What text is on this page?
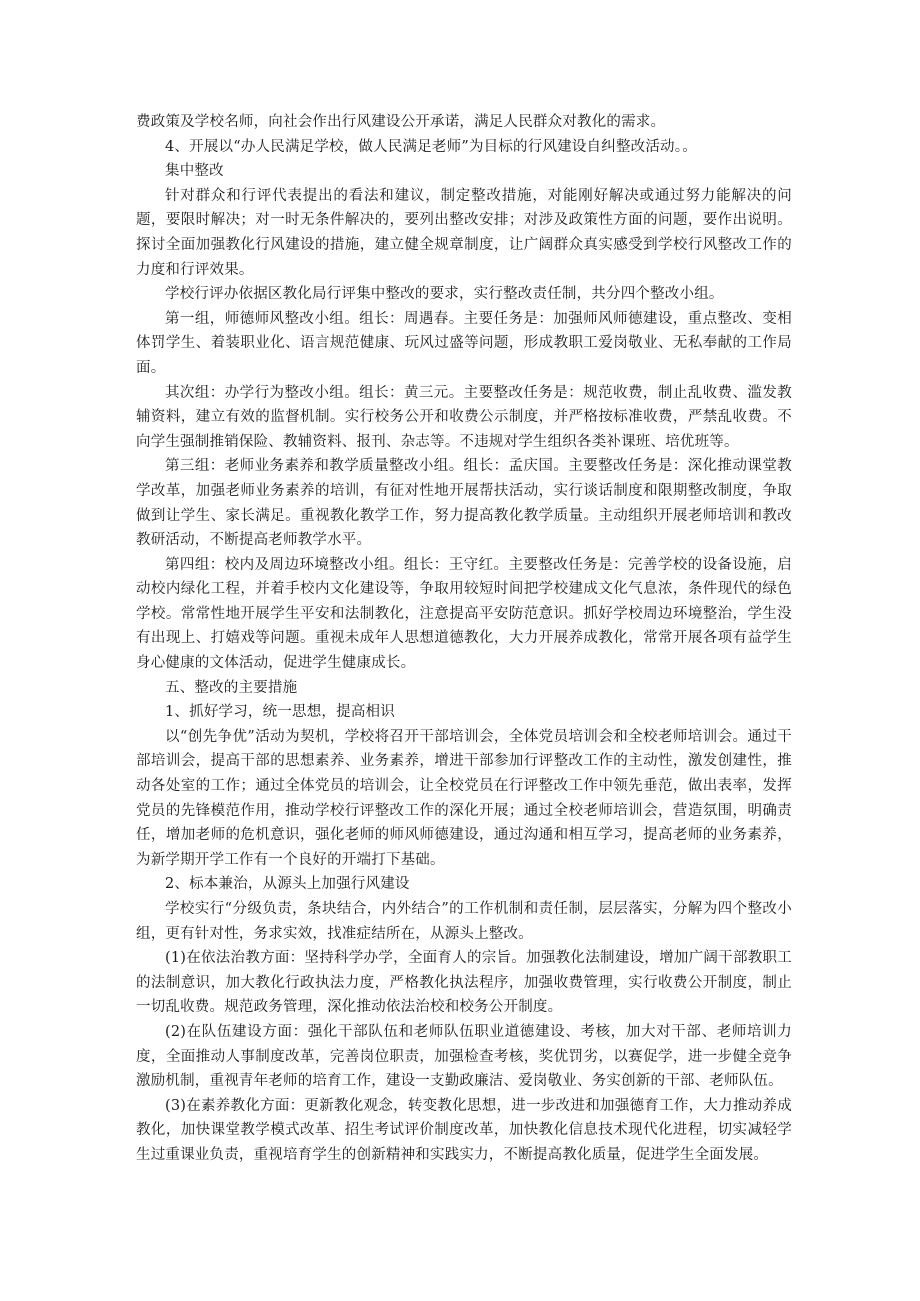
费政策及学校名师，向社会作出行风建设公开承诺，满足人民群众对教化的需求。

4、开展以“办人民满足学校，做人民满足老师”为目标的行风建设自纠整改活动。。

集中整改

针对群众和行评代表提出的看法和建议，制定整改措施，对能刚好解决或通过努力能解决的问题，要限时解决；对一时无条件解决的，要列出整改安排；对涉及政策性方面的问题，要作出说明。探讨全面加强教化行风建设的措施，建立健全规章制度，让广阔群众真实感受到学校行风整改工作的力度和行评效果。

学校行评办依据区教化局行评集中整改的要求，实行整改责任制，共分四个整改小组。

第一组，师德师风整改小组。组长：周遇春。主要任务是：加强师风师德建设，重点整改、变相体罚学生、着装职业化、语言规范健康、玩风过盛等问题，形成教职工爱岗敬业、无私奉献的工作局面。

其次组：办学行为整改小组。组长：黄三元。主要整改任务是：规范收费，制止乱收费、滥发教辅资料，建立有效的监督机制。实行校务公开和收费公示制度，并严格按标准收费，严禁乱收费。不向学生强制推销保险、教辅资料、报刊、杂志等。不违规对学生组织各类补课班、培优班等。

第三组：老师业务素养和教学质量整改小组。组长：孟庆国。主要整改任务是：深化推动课堂教学改革，加强老师业务素养的培训，有征对性地开展帮扶活动，实行谈话制度和限期整改制度，争取做到让学生、家长满足。重视教化教学工作，努力提高教化教学质量。主动组织开展老师培训和教改教研活动，不断提高老师教学水平。

第四组：校内及周边环境整改小组。组长：王守红。主要整改任务是：完善学校的设备设施，启动校内绿化工程，并着手校内文化建设等，争取用较短时间把学校建成文化气息浓，条件现代的绿色学校。常常性地开展学生平安和法制教化，注意提高平安防范意识。抓好学校周边环境整治，学生没有出现上、打嬉戏等问题。重视未成年人思想道德教化，大力开展养成教化，常常开展各项有益学生身心健康的文体活动，促进学生健康成长。

五、整改的主要措施

1、抓好学习，统一思想，提高相识

以“创先争优”活动为契机，学校将召开干部培训会，全体党员培训会和全校老师培训会。通过干部培训会，提高干部的思想素养、业务素养，增进干部参加行评整改工作的主动性，激发创建性，推动各处室的工作；通过全体党员的培训会，让全校党员在行评整改工作中领先垂范，做出表率，发挥党员的先锋模范作用，推动学校行评整改工作的深化开展；通过全校老师培训会，营造氛围，明确责任，增加老师的危机意识，强化老师的师风师德建设，通过沟通和相互学习，提高老师的业务素养，为新学期开学工作有一个良好的开端打下基础。

2、标本兼治，从源头上加强行风建设

学校实行“分级负责，条块结合，内外结合”的工作机制和责任制，层层落实，分解为四个整改小组，更有针对性，务求实效，找准症结所在，从源头上整改。

(1)在依法治教方面：坚持科学办学，全面育人的宗旨。加强教化法制建设，增加广阔干部教职工的法制意识，加大教化行政执法力度，严格教化执法程序，加强收费管理，实行收费公开制度，制止一切乱收费。规范政务管理，深化推动依法治校和校务公开制度。

(2)在队伍建设方面：强化干部队伍和老师队伍职业道德建设、考核，加大对干部、老师培训力度，全面推动人事制度改革，完善岗位职责，加强检查考核，奖优罚劣，以赛促学，进一步健全竞争激励机制，重视青年老师的培育工作，建设一支勤政廉洁、爱岗敬业、务实创新的干部、老师队伍。

(3)在素养教化方面：更新教化观念，转变教化思想，进一步改进和加强德育工作，大力推动养成教化，加快课堂教学模式改革、招生考试评价制度改革，加快教化信息技术现代化进程，切实减轻学生过重课业负责，重视培育学生的创新精神和实践实力，不断提高教化质量，促进学生全面发展。
